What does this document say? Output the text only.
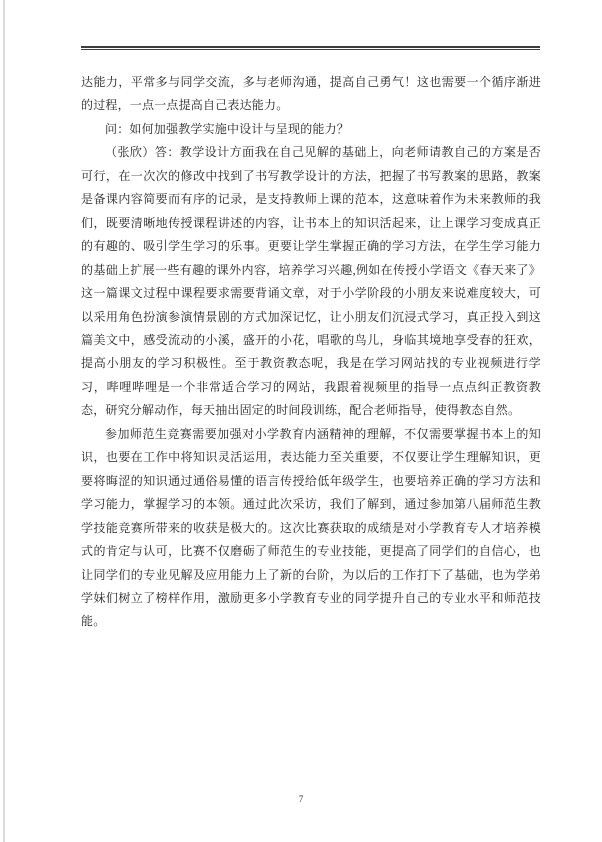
达能力，平常多与同学交流，多与老师沟通，提高自己勇气！这也需要一个循序渐进的过程，一点一点提高自己表达能力。

问：如何加强教学实施中设计与呈现的能力？

（张欣）答：教学设计方面我在自己见解的基础上，向老师请教自己的方案是否可行，在一次次的修改中找到了书写教学设计的方法，把握了书写教案的思路，教案是备课内容简要而有序的记录，是支持教师上课的范本，这意味着作为未来教师的我们，既要清晰地传授课程讲述的内容，让书本上的知识活起来，让上课学习变成真正的有趣的、吸引学生学习的乐事。更要让学生掌握正确的学习方法，在学生学习能力的基础上扩展一些有趣的课外内容，培养学习兴趣,例如在传授小学语文《春天来了》这一篇课文过程中课程要求需要背诵文章，对于小学阶段的小朋友来说难度较大，可以采用角色扮演参演情景剧的方式加深记忆，让小朋友们沉浸式学习，真正投入到这篇美文中，感受流动的小溪，盛开的小花，唱歌的鸟儿，身临其境地享受春的狂欢，提高小朋友的学习积极性。至于教资教态呢，我是在学习网站找的专业视频进行学习，哔哩哔哩是一个非常适合学习的网站，我跟着视频里的指导一点点纠正教资教态，研究分解动作，每天抽出固定的时间段训练，配合老师指导，使得教态自然。

参加师范生竞赛需要加强对小学教育内涵精神的理解，不仅需要掌握书本上的知识，也要在工作中将知识灵活运用，表达能力至关重要，不仅要让学生理解知识，更要将晦涩的知识通过通俗易懂的语言传授给低年级学生，也要培养正确的学习方法和学习能力，掌握学习的本领。通过此次采访，我们了解到，通过参加第八届师范生教学技能竞赛所带来的收获是极大的。这次比赛获取的成绩是对小学教育专人才培养模式的肯定与认可，比赛不仅磨砺了师范生的专业技能，更提高了同学们的自信心，也让同学们的专业见解及应用能力上了新的台阶，为以后的工作打下了基础，也为学弟学妹们树立了榜样作用，激励更多小学教育专业的同学提升自己的专业水平和师范技能。

7
